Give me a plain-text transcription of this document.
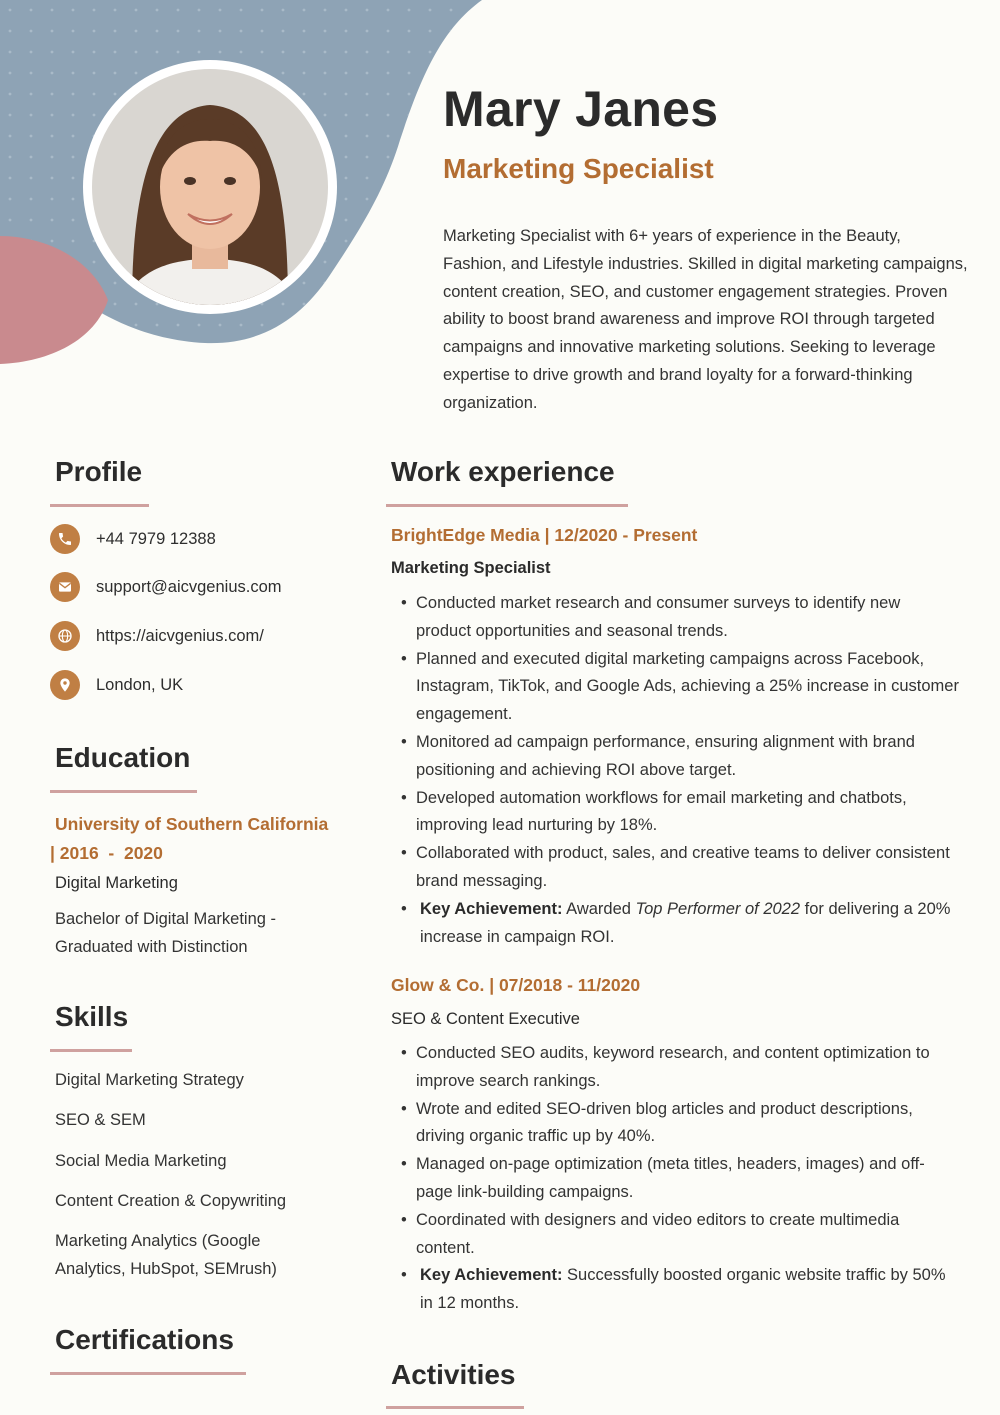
Mary Janes
Marketing Specialist
Marketing Specialist with 6+ years of experience in the Beauty, Fashion, and Lifestyle industries. Skilled in digital marketing campaigns, content creation, SEO, and customer engagement strategies. Proven ability to boost brand awareness and improve ROI through targeted campaigns and innovative marketing solutions. Seeking to leverage expertise to drive growth and brand loyalty for a forward-thinking organization.
Profile
+44 7979 12388
support@aicvgenius.com
https://aicvgenius.com/
London, UK
Education
University of Southern California
| 2016  -  2020
Digital Marketing
Bachelor of Digital Marketing - Graduated with Distinction
Skills
Digital Marketing Strategy
SEO & SEM
Social Media Marketing
Content Creation & Copywriting
Marketing Analytics (Google Analytics, HubSpot, SEMrush)
Certifications
Work experience
BrightEdge Media | 12/2020 - Present
Marketing Specialist
• Conducted market research and consumer surveys to identify new product opportunities and seasonal trends.
• Planned and executed digital marketing campaigns across Facebook, Instagram, TikTok, and Google Ads, achieving a 25% increase in customer engagement.
• Monitored ad campaign performance, ensuring alignment with brand positioning and achieving ROI above target.
• Developed automation workflows for email marketing and chatbots, improving lead nurturing by 18%.
• Collaborated with product, sales, and creative teams to deliver consistent brand messaging.
• Key Achievement: Awarded Top Performer of 2022 for delivering a 20% increase in campaign ROI.
Glow & Co. | 07/2018 - 11/2020
SEO & Content Executive
• Conducted SEO audits, keyword research, and content optimization to improve search rankings.
• Wrote and edited SEO-driven blog articles and product descriptions, driving organic traffic up by 40%.
• Managed on-page optimization (meta titles, headers, images) and off-page link-building campaigns.
• Coordinated with designers and video editors to create multimedia content.
• Key Achievement: Successfully boosted organic website traffic by 50% in 12 months.
Activities
